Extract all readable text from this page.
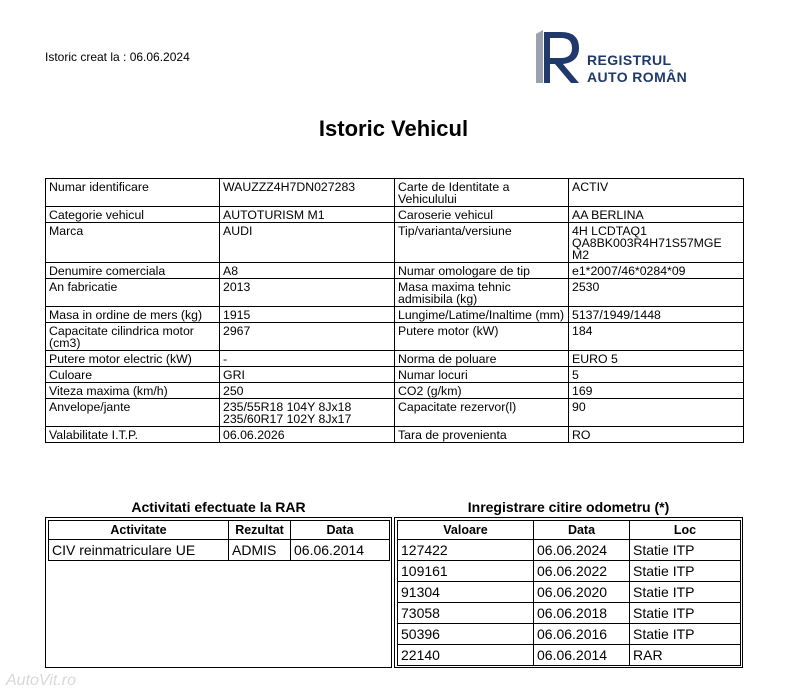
Istoric creat la : 06.06.2024	REGISTRUL
AUTO ROMÂN
Istoric Vehicul
Numar identificare	WAUZZZ4H7DN027283	Carte de Identitate a Vehiculului	ACTIV
Categorie vehicul	AUTOTURISM M1	Caroserie vehicul	AA BERLINA
Marca	AUDI	Tip/varianta/versiune	4H LCDTAQ1 QA8BK003R4H71S57MGE M2
Denumire comerciala	A8	Numar omologare de tip	e1*2007/46*0284*09
An fabricatie	2013	Masa maxima tehnic admisibila (kg)	2530
Masa in ordine de mers (kg)	1915	Lungime/Latime/Inaltime (mm)	5137/1949/1448
Capacitate cilindrica motor (cm3)	2967	Putere motor (kW)	184
Putere motor electric (kW)	-	Norma de poluare	EURO 5
Culoare	GRI	Numar locuri	5
Viteza maxima (km/h)	250	CO2 (g/km)	169
Anvelope/jante	235/55R18 104Y 8Jx18 235/60R17 102Y 8Jx17	Capacitate rezervor(l)	90
Valabilitate I.T.P.	06.06.2026	Tara de provenienta	RO
Activitati efectuate la RAR
Activitate	Rezultat	Data
CIV reinmatriculare UE	ADMIS	06.06.2014
Inregistrare citire odometru (*)
Valoare	Data	Loc
127422	06.06.2024	Statie ITP
109161	06.06.2022	Statie ITP
91304	06.06.2020	Statie ITP
73058	06.06.2018	Statie ITP
50396	06.06.2016	Statie ITP
22140	06.06.2014	RAR
AutoVit.ro
